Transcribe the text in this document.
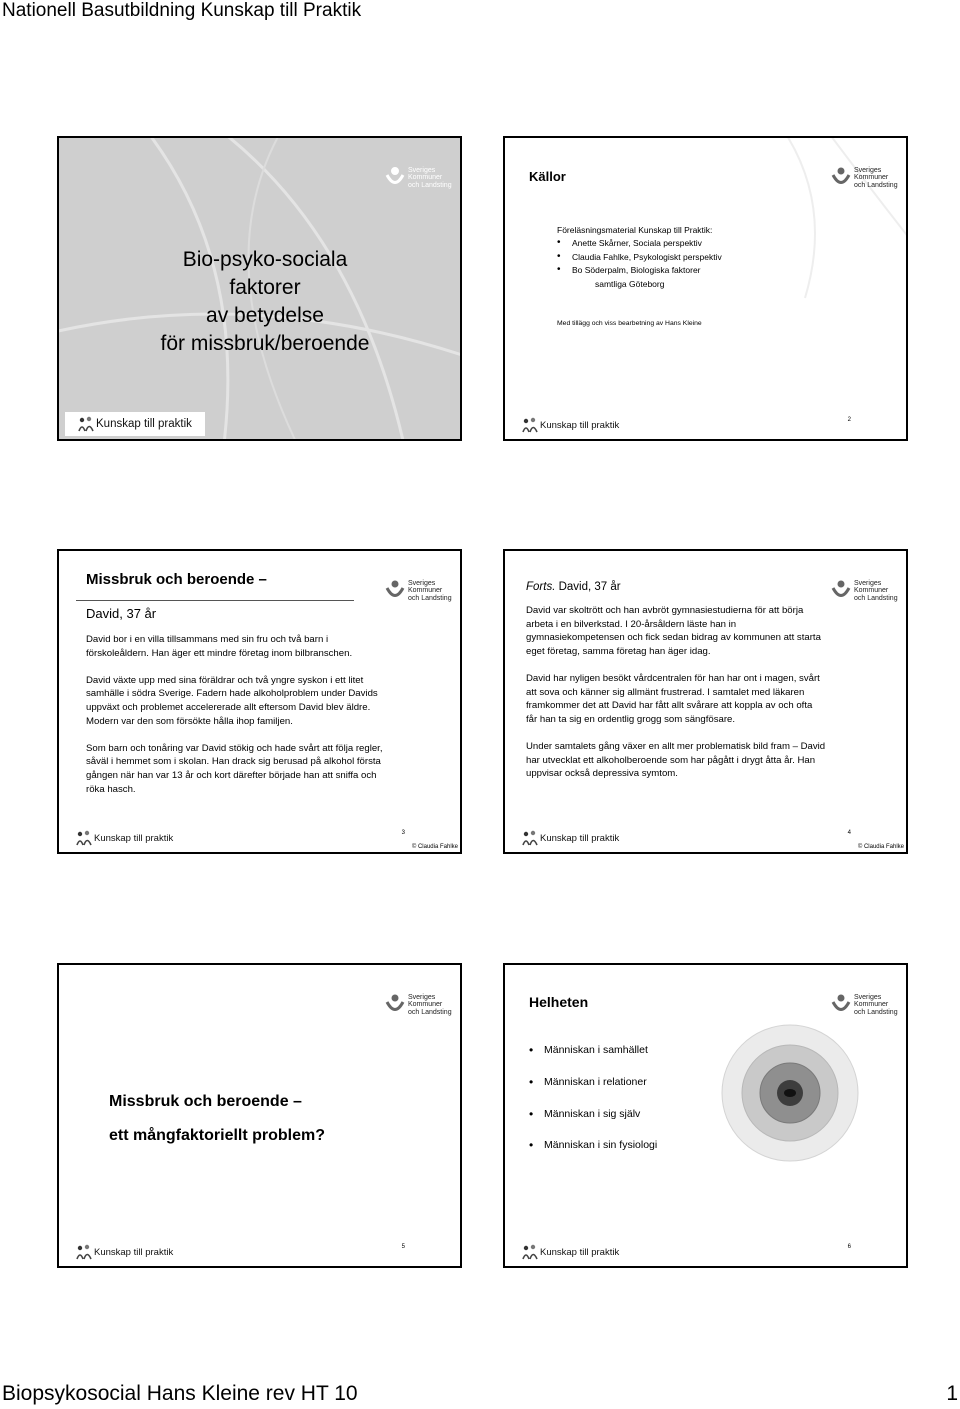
Nationell Basutbildning Kunskap till Praktik
Sveriges
Kommuner
och Landsting
Bio-psyko-sociala
faktorer
av betydelse
för missbruk/beroende
Kunskap till praktik
Sveriges
Kommuner
och Landsting
Källor
Föreläsningsmaterial Kunskap till Praktik:
• Anette Skårner, Sociala perspektiv
• Claudia Fahlke, Psykologiskt perspektiv
• Bo Söderpalm, Biologiska faktorer
samtliga Göteborg
Med tillägg och viss bearbetning av Hans Kleine
Kunskap till praktik	2
Sveriges
Kommuner
och Landsting
Missbruk och beroende –
David, 37 år

David bor i en villa tillsammans med sin fru och två barn i förskoleåldern. Han äger ett mindre företag inom bilbranschen.

David växte upp med sina föräldrar och två yngre syskon i ett litet samhälle i södra Sverige. Fadern hade alkoholproblem under Davids uppväxt och problemet accelererade allt eftersom David blev äldre. Modern var den som försökte hålla ihop familjen.

Som barn och tonåring var David stökig och hade svårt att följa regler, såväl i hemmet som i skolan. Han drack sig berusad på alkohol första gången när han var 13 år och kort därefter började han att sniffa och röka hasch.

Kunskap till praktik	3
© Claudia Fahlke
Sveriges
Kommuner
och Landsting
Forts. David, 37 år

David var skoltrött och han avbröt gymnasiestudierna för att börja arbeta i en bilverkstad. I 20-årsåldern läste han in gymnasiekompetensen och fick sedan bidrag av kommunen att starta eget företag, samma företag han äger idag.

David har nyligen besökt vårdcentralen för han har ont i magen, svårt att sova och känner sig allmänt frustrerad. I samtalet med läkaren framkommer det att David har fått allt svårare att koppla av och ofta får han ta sig en ordentlig grogg som sängfösare.

Under samtalets gång växer en allt mer problematisk bild fram – David har utvecklat ett alkoholberoende som har pågått i drygt åtta år. Han uppvisar också depressiva symtom.

Kunskap till praktik	4
© Claudia Fahlke
Sveriges
Kommuner
och Landsting
Missbruk och beroende –
ett mångfaktoriellt problem?
Kunskap till praktik	5
Sveriges
Kommuner
och Landsting
Helheten
• Människan i samhället
• Människan i relationer
• Människan i sig själv
• Människan i sin fysiologi
Kunskap till praktik	6
Biopsykosocial Hans Kleine rev HT 10	1
